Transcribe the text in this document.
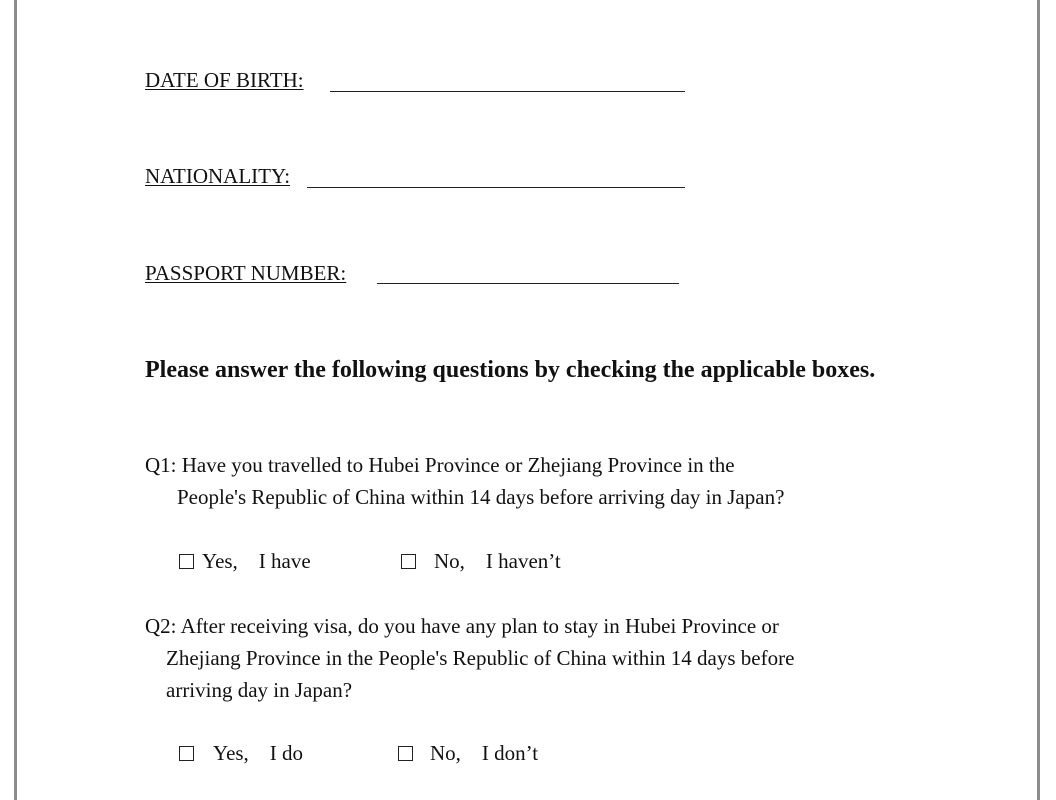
DATE OF BIRTH:
NATIONALITY:
PASSPORT NUMBER:
Please answer the following questions by checking the applicable boxes.
Q1: Have you travelled to Hubei Province or Zhejiang Province in the
People's Republic of China within 14 days before arriving day in Japan?
Yes, I have	No, I haven’t
Q2: After receiving visa, do you have any plan to stay in Hubei Province or
Zhejiang Province in the People's Republic of China within 14 days before
arriving day in Japan?
Yes, I do	No, I don’t
